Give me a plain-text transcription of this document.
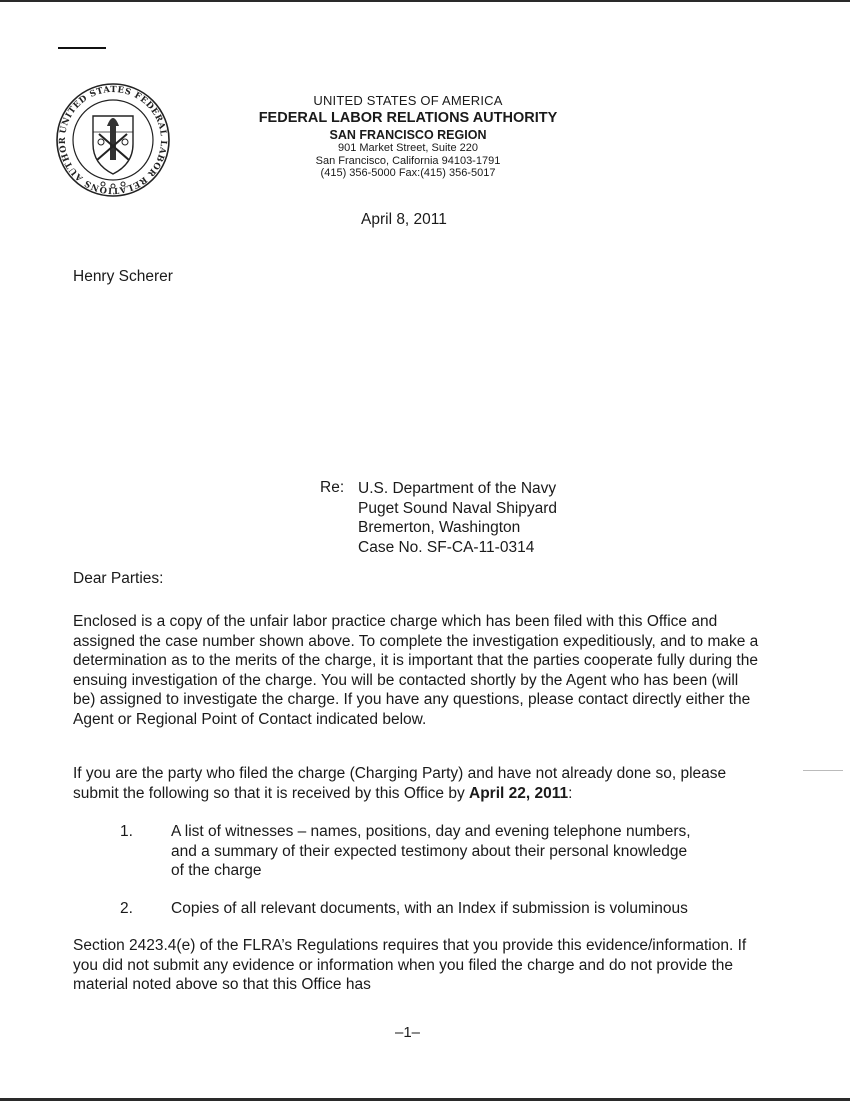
UNITED STATES FEDERAL LABOR RELATIONS AUTHOR
UNITED STATES OF AMERICA
FEDERAL LABOR RELATIONS AUTHORITY
SAN FRANCISCO REGION
901 Market Street, Suite 220
San Francisco, California 94103-1791
(415) 356-5000 Fax:(415) 356-5017
April 8, 2011
Henry Scherer
Re: U.S. Department of the Navy
Puget Sound Naval Shipyard
Bremerton, Washington
Case No. SF-CA-11-0314
Dear Parties:
Enclosed is a copy of the unfair labor practice charge which has been filed with this Office and assigned the case number shown above. To complete the investigation expeditiously, and to make a determination as to the merits of the charge, it is important that the parties cooperate fully during the ensuing investigation of the charge. You will be contacted shortly by the Agent who has been (will be) assigned to investigate the charge. If you have any questions, please contact directly either the Agent or Regional Point of Contact indicated below.
If you are the party who filed the charge (Charging Party) and have not already done so, please submit the following so that it is received by this Office by April 22, 2011:
1. A list of witnesses – names, positions, day and evening telephone numbers, and a summary of their expected testimony about their personal knowledge of the charge
2. Copies of all relevant documents, with an Index if submission is voluminous
Section 2423.4(e) of the FLRA’s Regulations requires that you provide this evidence/information. If you did not submit any evidence or information when you filed the charge and do not provide the material noted above so that this Office has
–1–
